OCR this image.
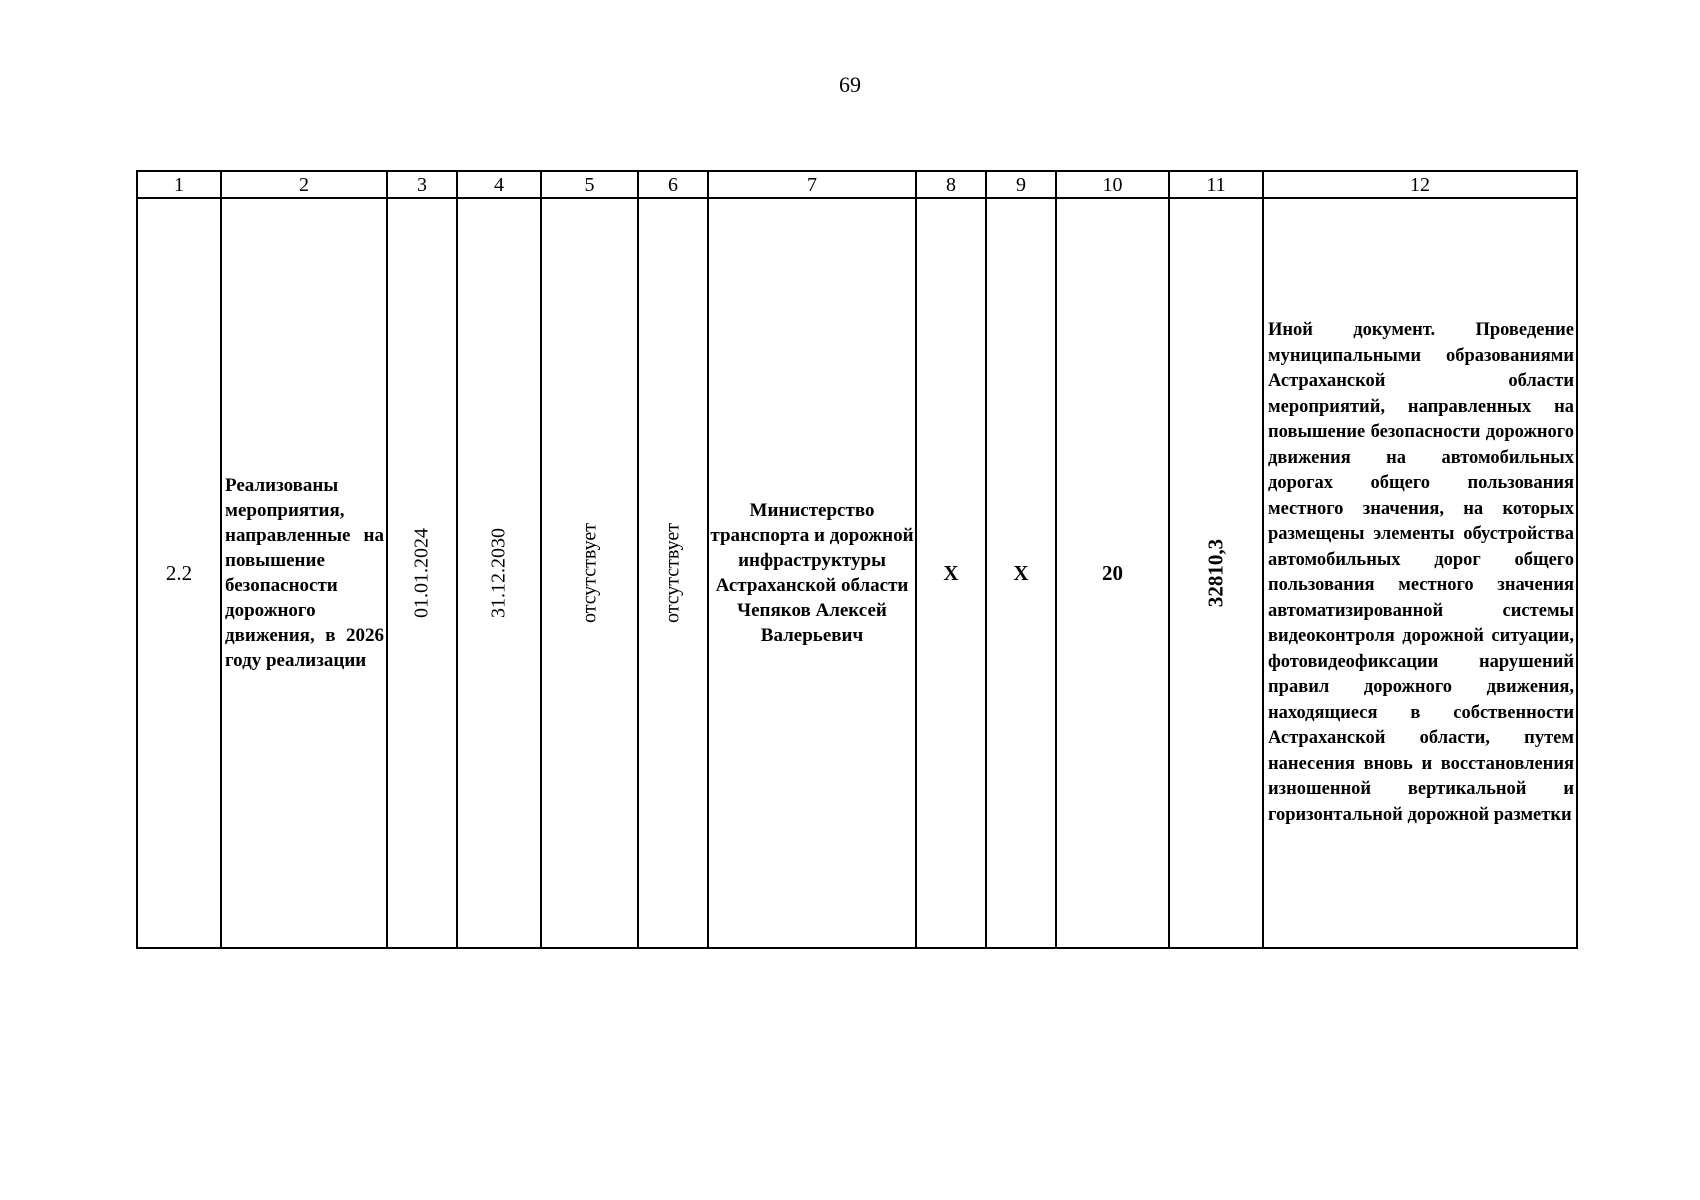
69
1	2	3	4	5	6	7	8	9	10	11	12
2.2	Реализованы мероприятия, направленные на повышение безопасности дорожного движения, в 2026 году реализации	01.01.2024	31.12.2030	отсутствует	отсутствует	Министерство транспорта и дорожной инфраструктуры Астраханской области Чепяков Алексей Валерьевич	X	X	20	32810,3	Иной документ. Проведение муниципальными образованиями Астраханской области мероприятий, направленных на повышение безопасности дорожного движения на автомобильных дорогах общего пользования местного значения, на которых размещены элементы обустройства автомобильных дорог общего пользования местного значения автоматизированной системы видеоконтроля дорожной ситуации, фотовидеофиксации нарушений правил дорожного движения, находящиеся в собственности Астраханской области, путем нанесения вновь и восстановления изношенной вертикальной и горизонтальной дорожной разметки
